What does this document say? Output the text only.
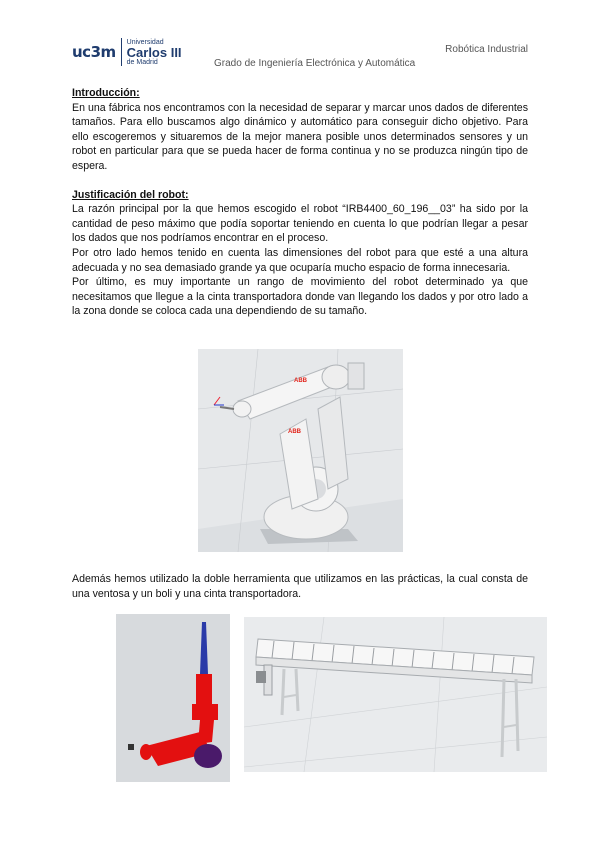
uc3m
Universidad
Carlos III
de Madrid
Robótica Industrial
Grado de Ingeniería Electrónica y Automática

Introducción:

En una fábrica nos encontramos con la necesidad de separar y marcar unos dados de diferentes tamaños. Para ello buscamos algo dinámico y automático para conseguir dicho objetivo. Para ello escogeremos y situaremos de la mejor manera posible unos determinados sensores y un robot en particular para que se pueda hacer de forma continua y no se produzca ningún tipo de espera.

Justificación del robot:

La razón principal por la que hemos escogido el robot “IRB4400_60_196__03” ha sido por la cantidad de peso máximo que podía soportar teniendo en cuenta lo que podrían llegar a pesar los dados que nos podríamos encontrar en el proceso.

Por otro lado hemos tenido en cuenta las dimensiones del robot para que esté a una altura adecuada y no sea demasiado grande ya que ocuparía mucho espacio de forma innecesaria.

Por último, es muy importante un rango de movimiento del robot determinado ya que necesitamos que llegue a la cinta transportadora donde van llegando los dados y por otro lado a la zona donde se coloca cada una dependiendo de su tamaño.

ABB
ABB
Además hemos utilizado la doble herramienta que utilizamos en las prácticas, la cual consta de una ventosa y un boli y una cinta transportadora.
